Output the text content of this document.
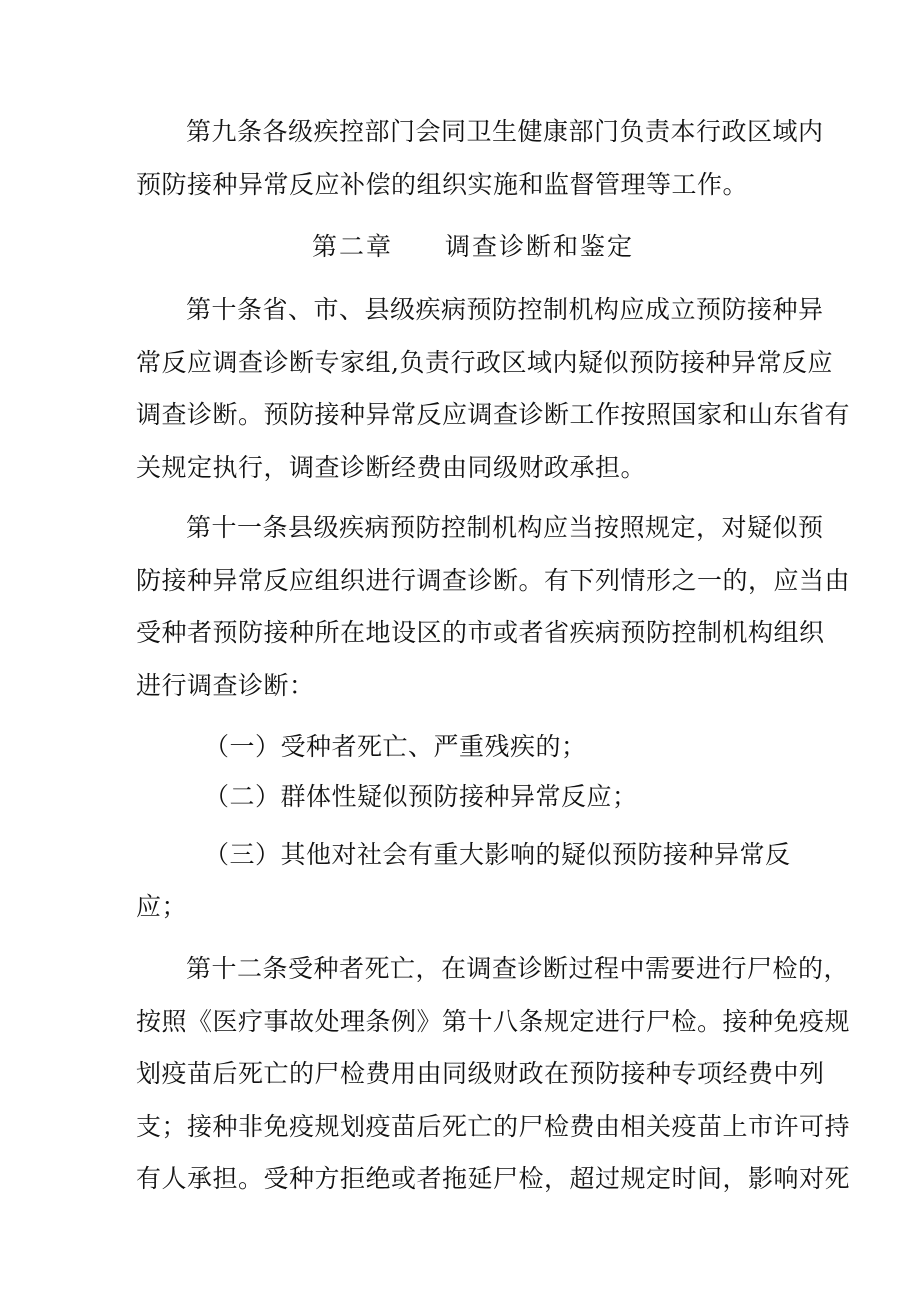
第九条各级疾控部门会同卫生健康部门负责本行政区域内
预防接种异常反应补偿的组织实施和监督管理等工作。
第二章 调查诊断和鉴定
第十条省、市、县级疾病预防控制机构应成立预防接种异
常反应调查诊断专家组,负责行政区域内疑似预防接种异常反应
调查诊断。预防接种异常反应调查诊断工作按照国家和山东省有
关规定执行，调查诊断经费由同级财政承担。
第十一条县级疾病预防控制机构应当按照规定，对疑似预
防接种异常反应组织进行调查诊断。有下列情形之一的，应当由
受种者预防接种所在地设区的市或者省疾病预防控制机构组织
进行调查诊断：
（一）受种者死亡、严重残疾的；
（二）群体性疑似预防接种异常反应；
（三）其他对社会有重大影响的疑似预防接种异常反
应；
第十二条受种者死亡，在调查诊断过程中需要进行尸检的，
按照《医疗事故处理条例》第十八条规定进行尸检。接种免疫规
划疫苗后死亡的尸检费用由同级财政在预防接种专项经费中列
支；接种非免疫规划疫苗后死亡的尸检费由相关疫苗上市许可持
有人承担。受种方拒绝或者拖延尸检，超过规定时间，影响对死
